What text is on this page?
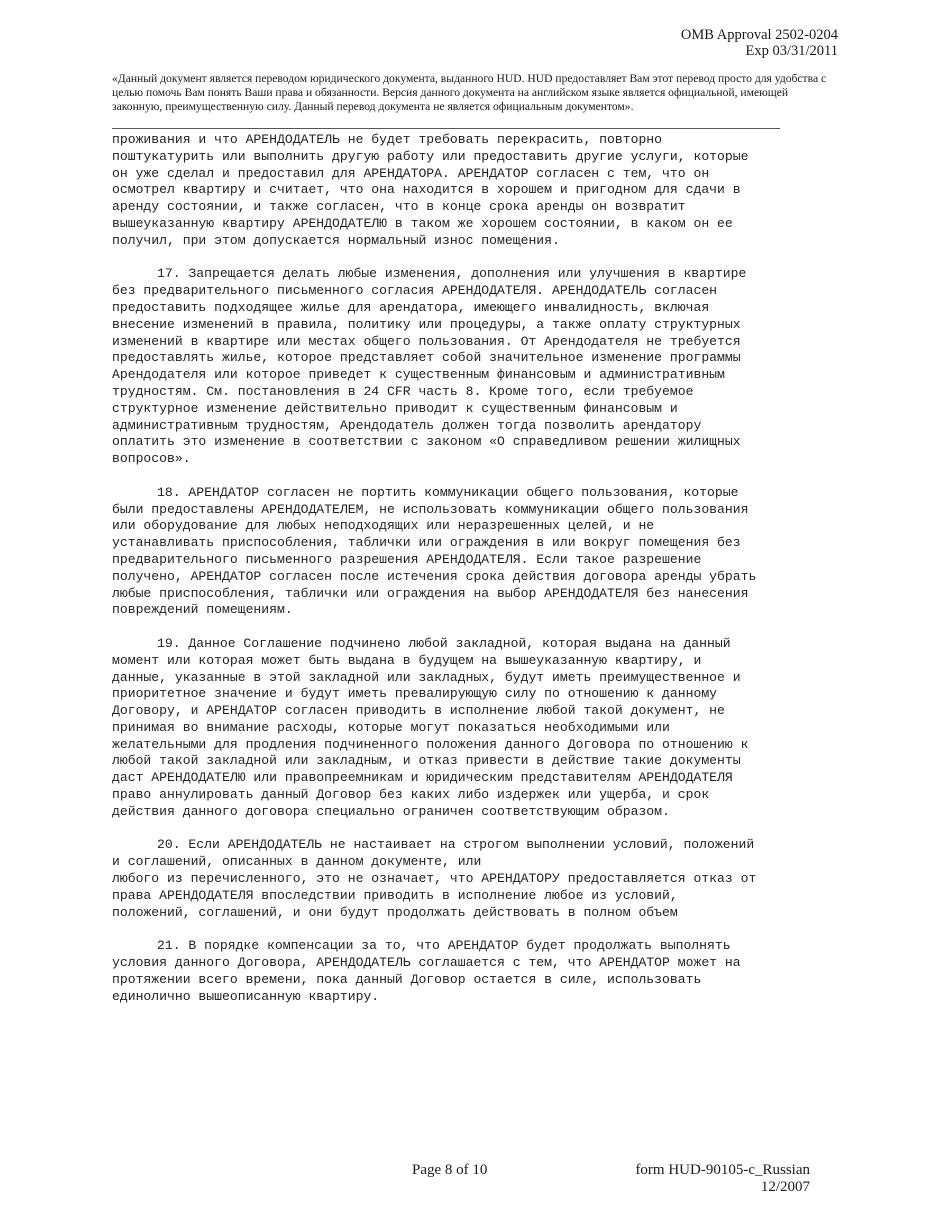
OMB Approval 2502-0204
Exp 03/31/2011
«Данный документ является переводом юридического документа, выданного HUD. HUD предоставляет Вам этот перевод просто для удобства с целью помочь Вам понять Ваши права и обязанности. Версия данного документа на английском языке является официальной, имеющей законную, преимущественную силу. Данный перевод документа не является официальным документом».

проживания и что АРЕНДОДАТЕЛЬ не будет требовать перекрасить, повторно
поштукатурить или выполнить другую работу или предоставить другие услуги, которые
он уже сделал и предоставил для АРЕНДАТОРА. АРЕНДАТОР согласен с тем, что он
осмотрел квартиру и считает, что она находится в хорошем и пригодном для сдачи в
аренду состоянии, и также согласен, что в конце срока аренды он возвратит
вышеуказанную квартиру АРЕНДОДАТЕЛЮ в таком же хорошем состоянии, в каком он ее
получил, при этом допускается нормальный износ помещения.

17. Запрещается делать любые изменения, дополнения или улучшения в квартире
без предварительного письменного согласия АРЕНДОДАТЕЛЯ. АРЕНДОДАТЕЛЬ согласен
предоставить подходящее жилье для арендатора, имеющего инвалидность, включая
внесение изменений в правила, политику или процедуры, а также оплату структурных
изменений в квартире или местах общего пользования. От Арендодателя не требуется
предоставлять жилье, которое представляет собой значительное изменение программы
Арендодателя или которое приведет к существенным финансовым и административным
трудностям. См. постановления в 24 CFR часть 8. Кроме того, если требуемое
структурное изменение действительно приводит к существенным финансовым и
административным трудностям, Арендодатель должен тогда позволить арендатору
оплатить это изменение в соответствии с законом «О справедливом решении жилищных
вопросов».

18. АРЕНДАТОР согласен не портить коммуникации общего пользования, которые
были предоставлены АРЕНДОДАТЕЛЕМ, не использовать коммуникации общего пользования
или оборудование для любых неподходящих или неразрешенных целей, и не
устанавливать приспособления, таблички или ограждения в или вокруг помещения без
предварительного письменного разрешения АРЕНДОДАТЕЛЯ. Если такое разрешение
получено, АРЕНДАТОР согласен после истечения срока действия договора аренды убрать
любые приспособления, таблички или ограждения на выбор АРЕНДОДАТЕЛЯ без нанесения
повреждений помещениям.

19. Данное Соглашение подчинено любой закладной, которая выдана на данный
момент или которая может быть выдана в будущем на вышеуказанную квартиру, и
данные, указанные в этой закладной или закладных, будут иметь преимущественное и
приоритетное значение и будут иметь превалирующую силу по отношению к данному
Договору, и АРЕНДАТОР согласен приводить в исполнение любой такой документ, не
принимая во внимание расходы, которые могут показаться необходимыми или
желательными для продления подчиненного положения данного Договора по отношению к
любой такой закладной или закладным, и отказ привести в действие такие документы
даст АРЕНДОДАТЕЛЮ или правопреемникам и юридическим представителям АРЕНДОДАТЕЛЯ
право аннулировать данный Договор без каких либо издержек или ущерба, и срок
действия данного договора специально ограничен соответствующим образом.

20. Если АРЕНДОДАТЕЛЬ не настаивает на строгом выполнении условий, положений
и соглашений, описанных в данном документе, или
любого из перечисленного, это не означает, что АРЕНДАТОРУ предоставляется отказ от
права АРЕНДОДАТЕЛЯ впоследствии приводить в исполнение любое из условий,
положений, соглашений, и они будут продолжать действовать в полном объем

21. В порядке компенсации за то, что АРЕНДАТОР будет продолжать выполнять
условия данного Договора, АРЕНДОДАТЕЛЬ соглашается с тем, что АРЕНДАТОР может на
протяжении всего времени, пока данный Договор остается в силе, использовать
единолично вышеописанную квартиру.

Page 8 of 10	form HUD-90105-c_Russian
12/2007
